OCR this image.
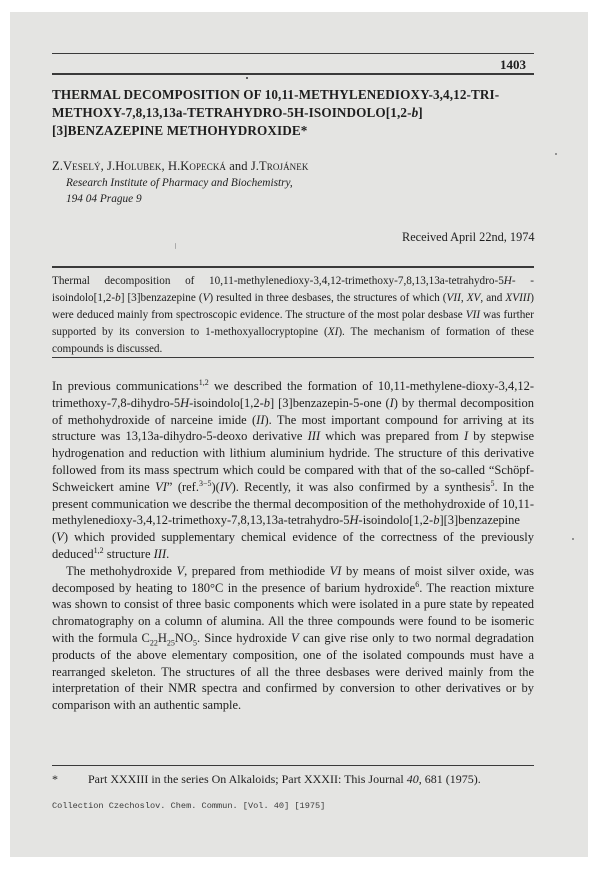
1403
THERMAL DECOMPOSITION OF 10,11-METHYLENEDIOXY-3,4,12-TRI-
METHOXY-7,8,13,13a-TETRAHYDRO-5H-ISOINDOLO[1,2-b]
[3]BENZAZEPINE METHOHYDROXIDE*
Z.Veselý, J.Holubek, H.Kopecká and J.Trojánek
Research Institute of Pharmacy and Biochemistry,
194 04 Prague 9
Received April 22nd, 1974
Thermal decomposition of 10,11-methylenedioxy-3,4,12-trimethoxy-7,8,13,13a-tetrahydro-5H- -isoindolo[1,2-b] [3]benzazepine (V) resulted in three desbases, the structures of which (VII, XV, and XVIII) were deduced mainly from spectroscopic evidence. The structure of the most polar desbase VII was further supported by its conversion to 1-methoxyallocryptopine (XI). The mechanism of formation of these compounds is discussed.

In previous communications$^{1,2}$ we described the formation of 10,11-methylene-dioxy-3,4,12-trimethoxy-7,8-dihydro-5H-isoindolo[1,2-b] [3]benzazepin-5-one (I) by thermal decomposition of methohydroxide of narceine imide (II). The most important compound for arriving at its structure was 13,13a-dihydro-5-deoxo derivative III which was prepared from I by stepwise hydrogenation and reduction with lithium aluminium hydride. The structure of this derivative followed from its mass spectrum which could be compared with that of the so-called “Schöpf-Schweickert amine VI” (ref.$^{3-5}$)(IV). Recently, it was also confirmed by a synthesis$^5$. In the present communication we describe the thermal decomposition of the methohydroxide of 10,11-methylenedioxy-3,4,12-trimethoxy-7,8,13,13a-tetrahydro-5H-isoindolo[1,2-b][3]benzazepine (V) which provided supplementary chemical evidence of the correctness of the previously deduced$^{1,2}$ structure III.

The methohydroxide V, prepared from methiodide VI by means of moist silver oxide, was decomposed by heating to 180°C in the presence of barium hydroxide$^6$. The reaction mixture was shown to consist of three basic components which were isolated in a pure state by repeated chromatography on a column of alumina. All the three compounds were found to be isomeric with the formula $C_{22}H_{25}NO_5$. Since hydroxide V can give rise only to two normal degradation products of the above elementary composition, one of the isolated compounds must have a rearranged skeleton. The structures of all the three desbases were derived mainly from the interpretation of their NMR spectra and confirmed by conversion to other derivatives or by comparison with an authentic sample.

*	Part XXXIII in the series On Alkaloids; Part XXXII: This Journal 40, 681 (1975).
Collection Czechoslov. Chem. Commun. [Vol. 40] [1975]
